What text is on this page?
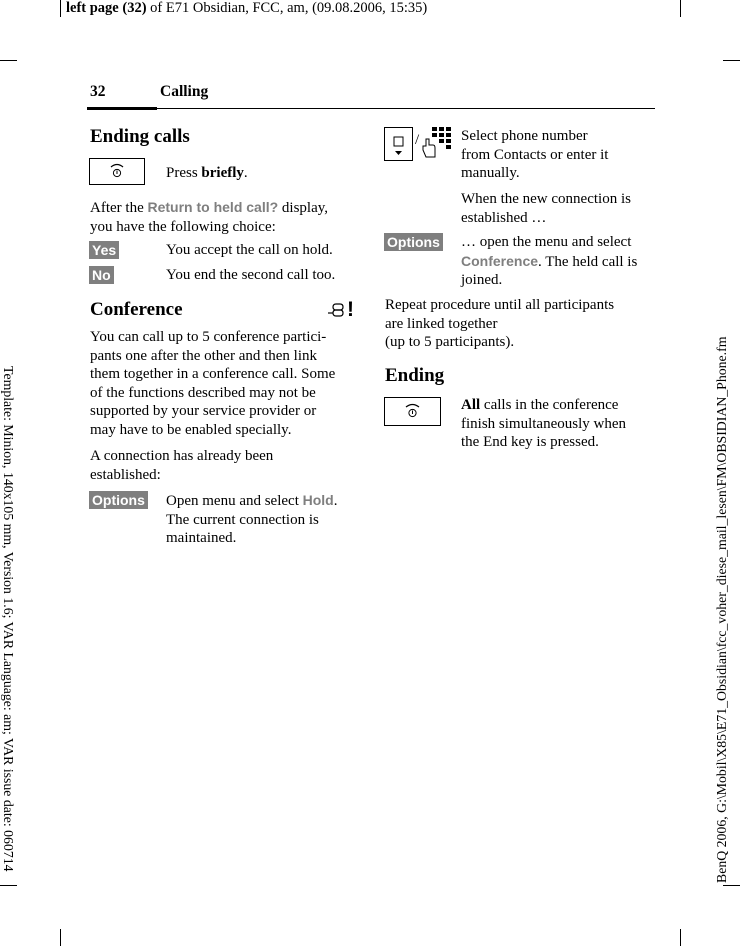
left page (32) of E71 Obsidian, FCC, am, (09.08.2006, 15:35)
Template: Minion, 140x105 mm, Version 1.6; VAR Language: am; VAR issue date: 060714	BenQ 2006, G:\Mobil\X85\E71_Obsidian\fcc_voher_diese_mail_lesen\FM\OBSIDIAN_Phone.fm
32	Calling
Ending calls
Press briefly.
After the Return to held call? display,
you have the following choice:
Yes	You accept the call on hold.
No	You end the second call too.
Conference	!
You can call up to 5 conference partici-
pants one after the other and then link
them together in a conference call. Some
of the functions described may not be
supported by your service provider or
may have to be enabled specially.
A connection has already been
established:
Options Open menu and select Hold.
The current connection is
maintained.
/	Select phone number
from Contacts or enter it
manually.
When the new connection is
established …
Options … open the menu and select
Conference. The held call is
joined.
Repeat procedure until all participants
are linked together
(up to 5 participants).
Ending
All calls in the conference
finish simultaneously when
the End key is pressed.
